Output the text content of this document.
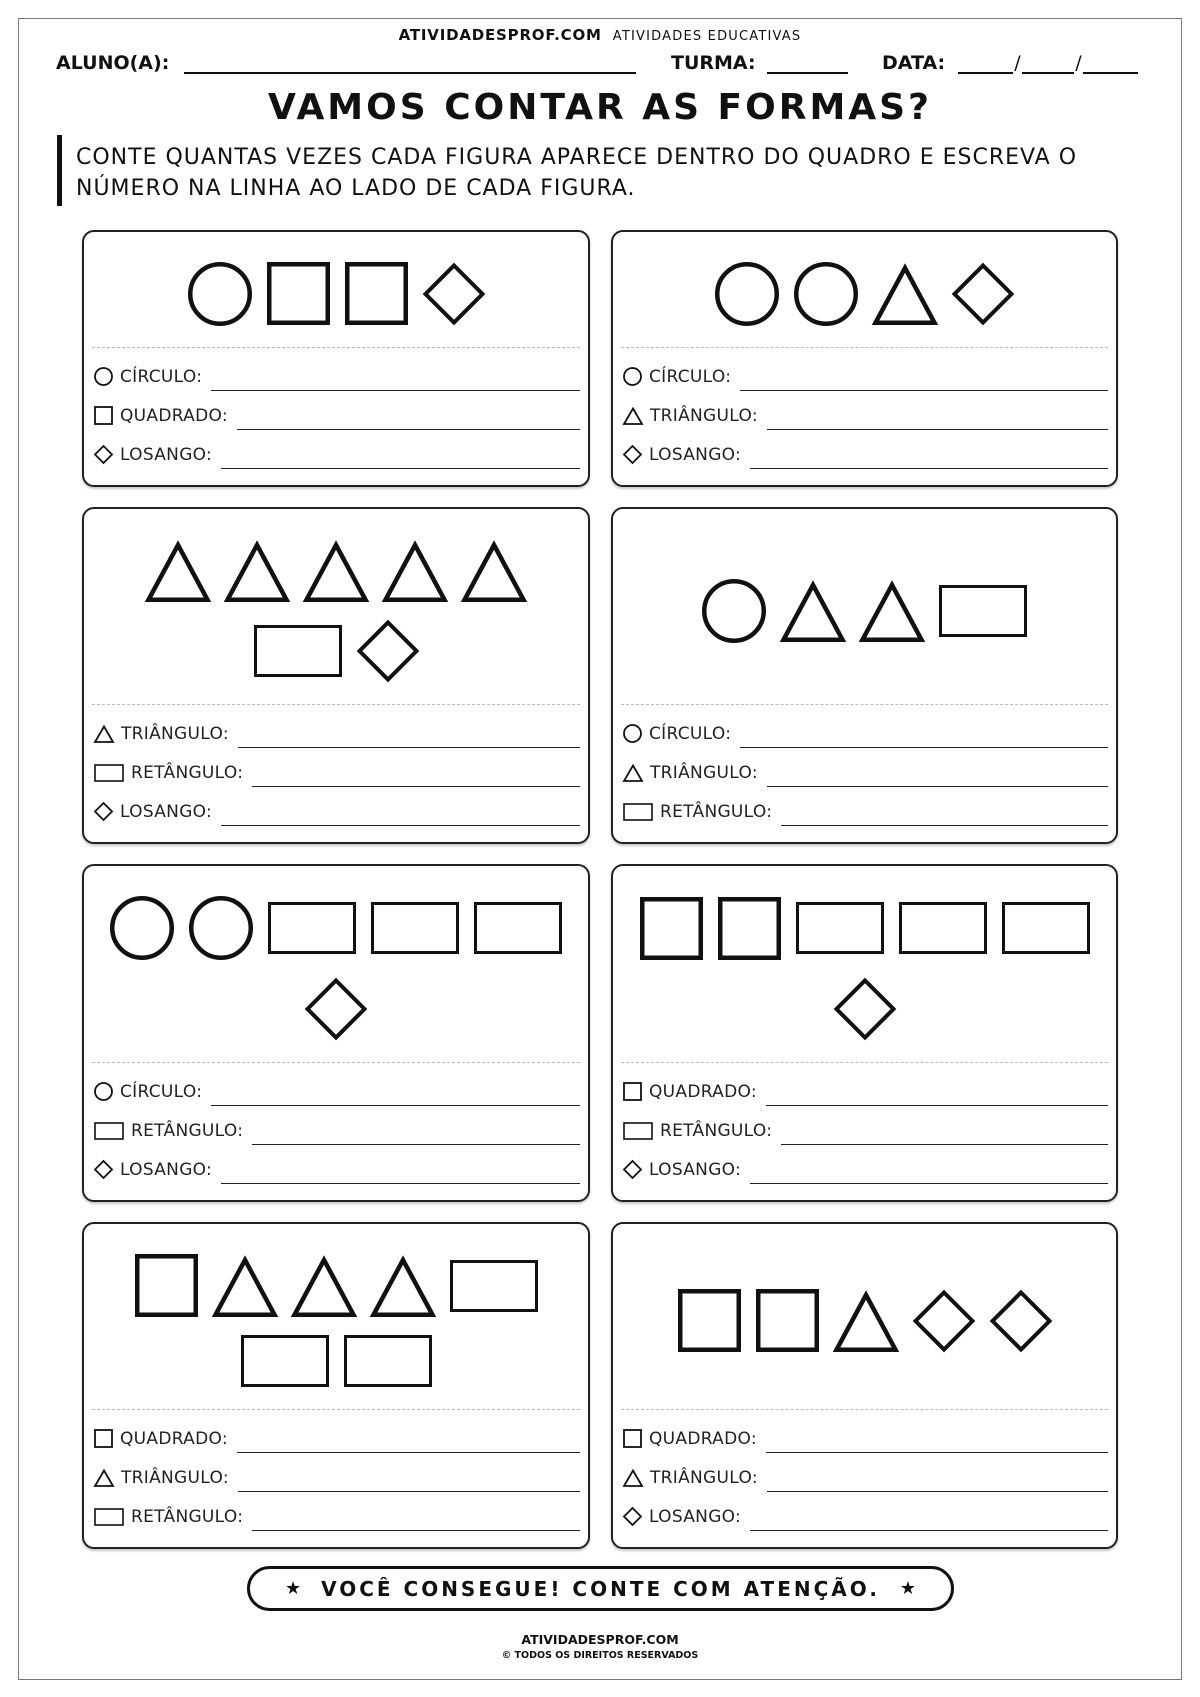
ATIVIDADESPROF.COM ATIVIDADES EDUCATIVAS
ALUNO(A):	TURMA:	DATA:	/	/
VAMOS CONTAR AS FORMAS?
CONTE QUANTAS VEZES CADA FIGURA APARECE DENTRO DO QUADRO E ESCREVA O
NÚMERO NA LINHA AO LADO DE CADA FIGURA.
CÍRCULO:
QUADRADO:
LOSANGO:
CÍRCULO:
TRIÂNGULO:
LOSANGO:
TRIÂNGULO:
RETÂNGULO:
LOSANGO:
CÍRCULO:
TRIÂNGULO:
RETÂNGULO:
CÍRCULO:
RETÂNGULO:
LOSANGO:
QUADRADO:
RETÂNGULO:
LOSANGO:
QUADRADO:
TRIÂNGULO:
RETÂNGULO:
QUADRADO:
TRIÂNGULO:
LOSANGO:
★ VOCÊ CONSEGUE! CONTE COM ATENÇÃO. ★
ATIVIDADESPROF.COM
© TODOS OS DIREITOS RESERVADOS
